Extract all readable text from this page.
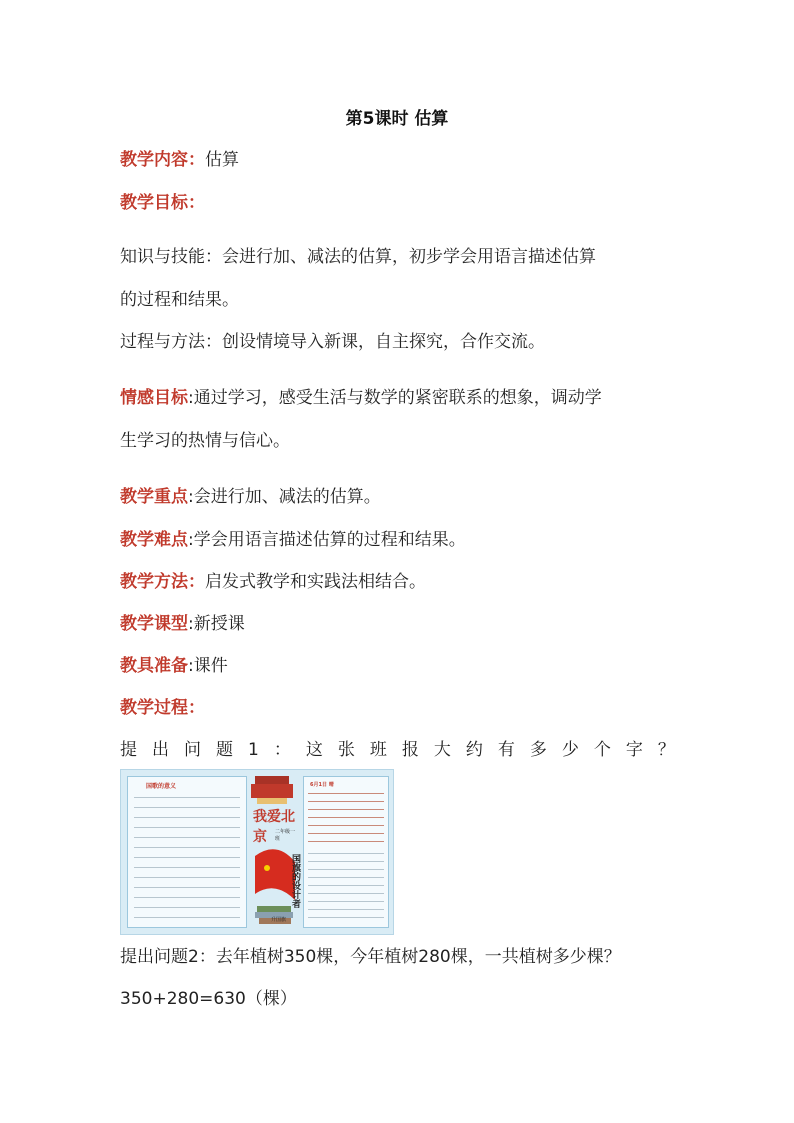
第5课时 估算
教学内容：估算
教学目标：
知识与技能：会进行加、减法的估算，初步学会用语言描述估算
的过程和结果。
过程与方法：创设情境导入新课，自主探究，合作交流。
情感目标:通过学习，感受生活与数学的紧密联系的想象，调动学
生学习的热情与信心。
教学重点:会进行加、减法的估算。
教学难点:学会用语言描述估算的过程和结果。
教学方法：启发式教学和实践法相结合。
教学课型:新授课
教具准备:课件
教学过程：
提 出 问 题 1 ： 这 张 班 报 大 约 有 多 少 个 字 ？
国歌的意义
我爱北京	二年级一班
国旗的设计者
6月1日 晴
升国旗
提出问题2：去年植树350棵，今年植树280棵，一共植树多少棵？
350+280=630（棵）
